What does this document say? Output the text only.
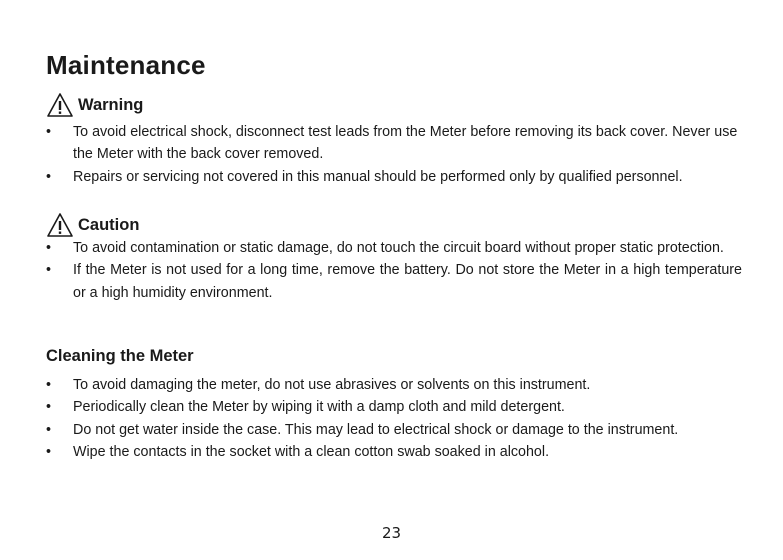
Maintenance
Warning
• To avoid electrical shock, disconnect test leads from the Meter before removing its back cover. Never use the Meter with the back cover removed.
• Repairs or servicing not covered in this manual should be performed only by qualified personnel.
Caution
• To avoid contamination or static damage, do not touch the circuit board without proper static protection.
• If the Meter is not used for a long time, remove the battery. Do not store the Meter in a high temperature or a high humidity environment.
Cleaning the Meter
• To avoid damaging the meter, do not use abrasives or solvents on this instrument.
• Periodically clean the Meter by wiping it with a damp cloth and mild detergent.
• Do not get water inside the case. This may lead to electrical shock or damage to the instrument.
• Wipe the contacts in the socket with a clean cotton swab soaked in alcohol.
23
